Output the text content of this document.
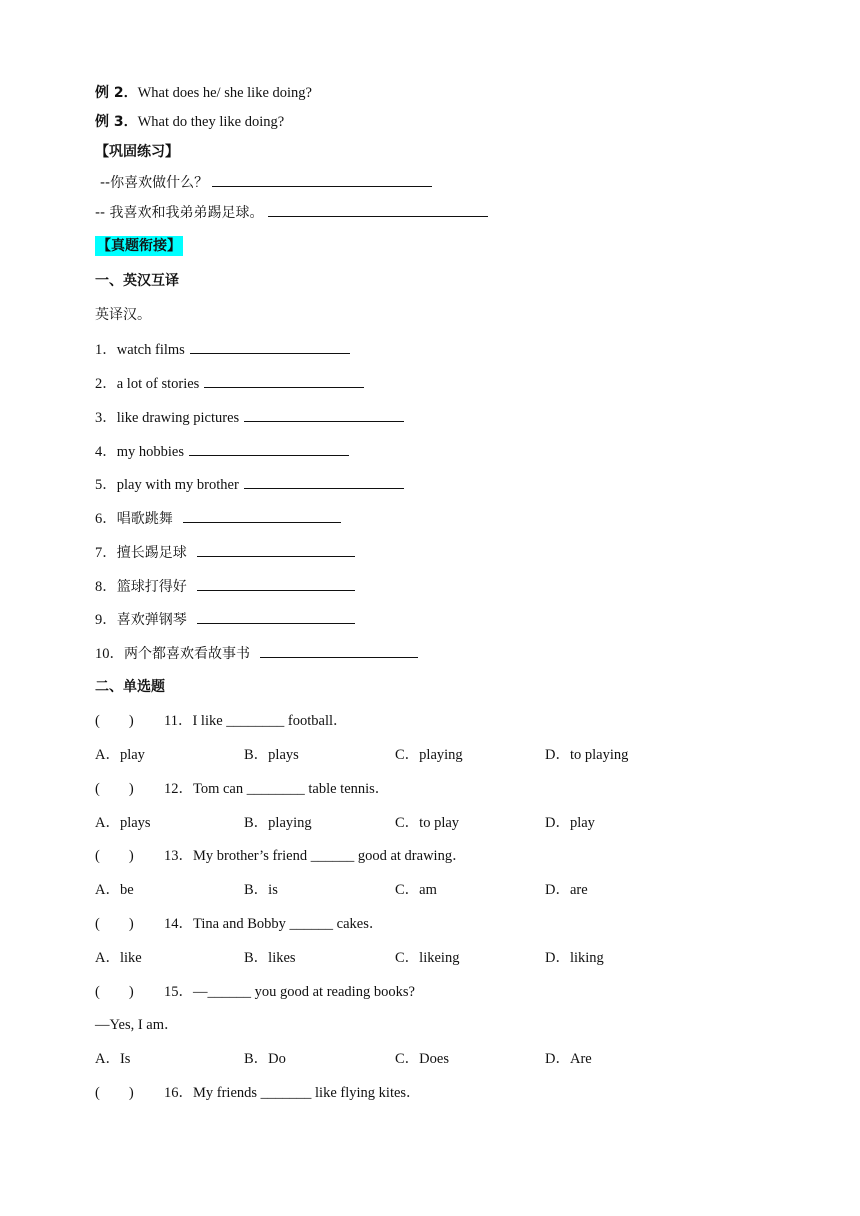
例 2．What does he/ she like doing?
例 3．What do they like doing?
【巩固练习】
--你喜欢做什么？
-- 我喜欢和我弟弟踢足球。
【真题衔接】
一、英汉互译
英译汉。
1．watch films
2．a lot of stories
3．like drawing pictures
4．my hobbies
5．play with my brother
6．唱歌跳舞
7．擅长踢足球
8．篮球打得好
9．喜欢弹钢琴
10．两个都喜欢看故事书
二、单选题
(        ) 11．I like ________ football．
A．play	B．plays	C．playing	D．to playing
(        ) 12．Tom can ________ table tennis．
A．plays	B．playing	C．to play	D．play
(        ) 13．My brother’s friend ______ good at drawing．
A．be	B．is	C．am	D．are
(        ) 14．Tina and Bobby ______ cakes．
A．like	B．likes	C．likeing	D．liking
(        ) 15．—______ you good at reading books?
—Yes, I am．
A．Is	B．Do	C．Does	D．Are
(        ) 16．My friends _______ like flying kites．
